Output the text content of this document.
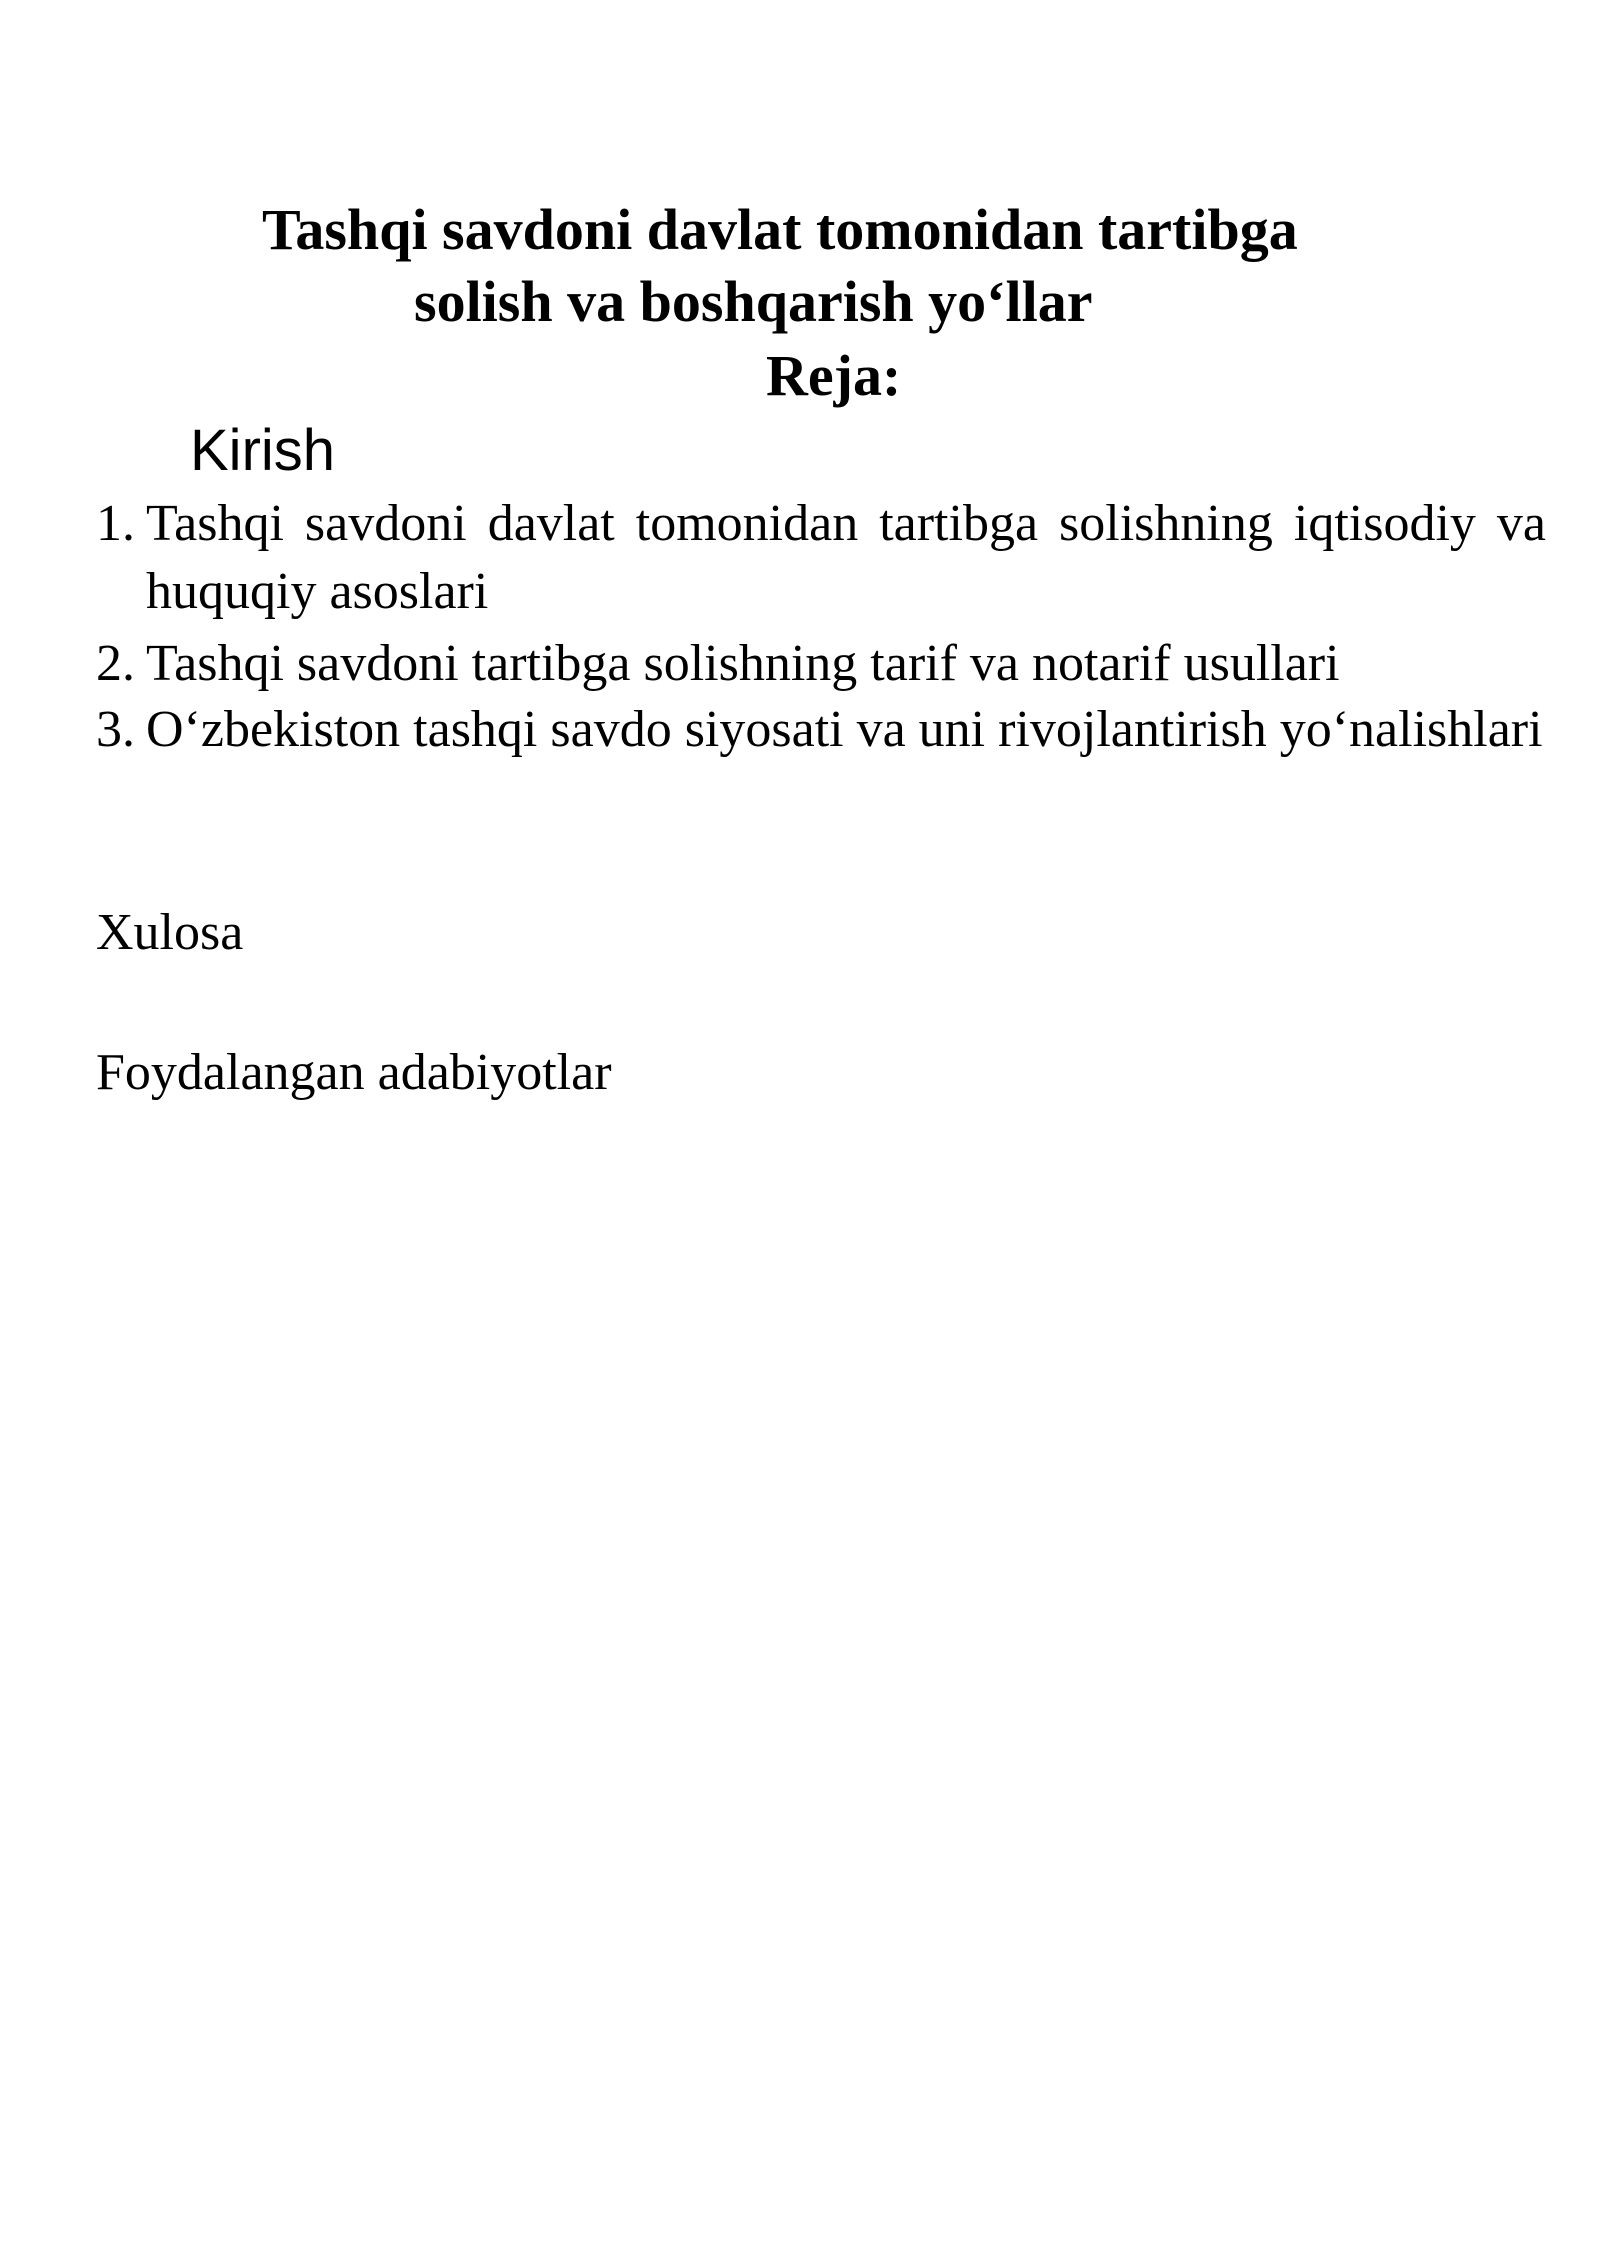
Tashqi savdoni davlat tomonidan tartibga
solish va boshqarish yo‘llar
Reja:
Kirish
1. Tashqi savdoni davlat tomonidan tartibga solishning iqtisodiy va huquqiy asoslari
2. Tashqi savdoni tartibga solishning tarif va notarif usullari
3. O‘zbekiston tashqi savdo siyosati va uni rivojlantirish yo‘nalishlari
Xulosa
Foydalangan adabiyotlar
